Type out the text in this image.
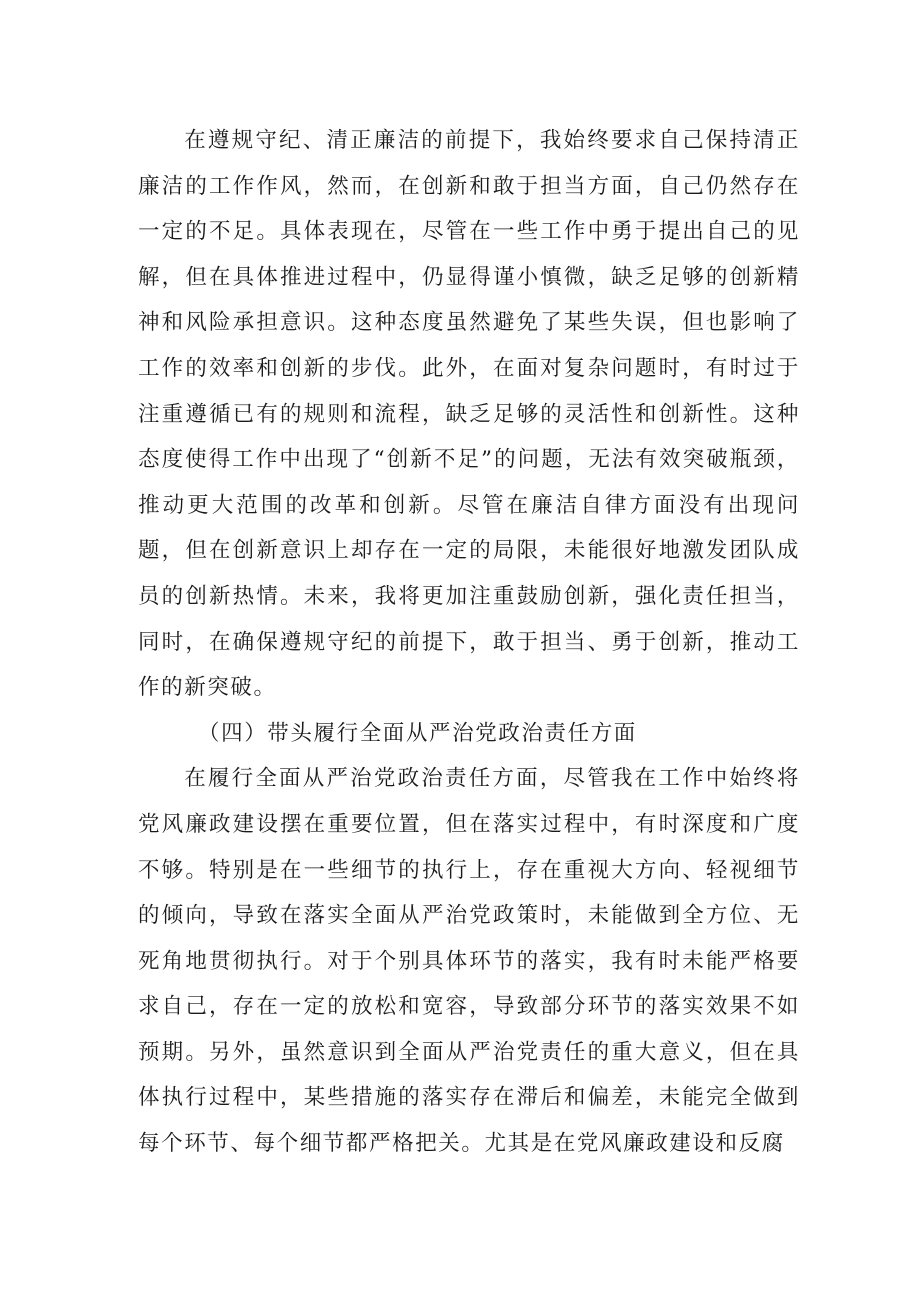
在遵规守纪、清正廉洁的前提下，我始终要求自己保持清正廉洁的工作作风，然而，在创新和敢于担当方面，自己仍然存在一定的不足。具体表现在，尽管在一些工作中勇于提出自己的见解，但在具体推进过程中，仍显得谨小慎微，缺乏足够的创新精神和风险承担意识。这种态度虽然避免了某些失误，但也影响了工作的效率和创新的步伐。此外，在面对复杂问题时，有时过于注重遵循已有的规则和流程，缺乏足够的灵活性和创新性。这种态度使得工作中出现了“创新不足”的问题，无法有效突破瓶颈，推动更大范围的改革和创新。尽管在廉洁自律方面没有出现问题，但在创新意识上却存在一定的局限，未能很好地激发团队成员的创新热情。未来，我将更加注重鼓励创新，强化责任担当，同时，在确保遵规守纪的前提下，敢于担当、勇于创新，推动工作的新突破。

（四）带头履行全面从严治党政治责任方面

在履行全面从严治党政治责任方面，尽管我在工作中始终将党风廉政建设摆在重要位置，但在落实过程中，有时深度和广度不够。特别是在一些细节的执行上，存在重视大方向、轻视细节的倾向，导致在落实全面从严治党政策时，未能做到全方位、无死角地贯彻执行。对于个别具体环节的落实，我有时未能严格要求自己，存在一定的放松和宽容，导致部分环节的落实效果不如预期。另外，虽然意识到全面从严治党责任的重大意义，但在具体执行过程中，某些措施的落实存在滞后和偏差，未能完全做到每个环节、每个细节都严格把关。尤其是在党风廉政建设和反腐
